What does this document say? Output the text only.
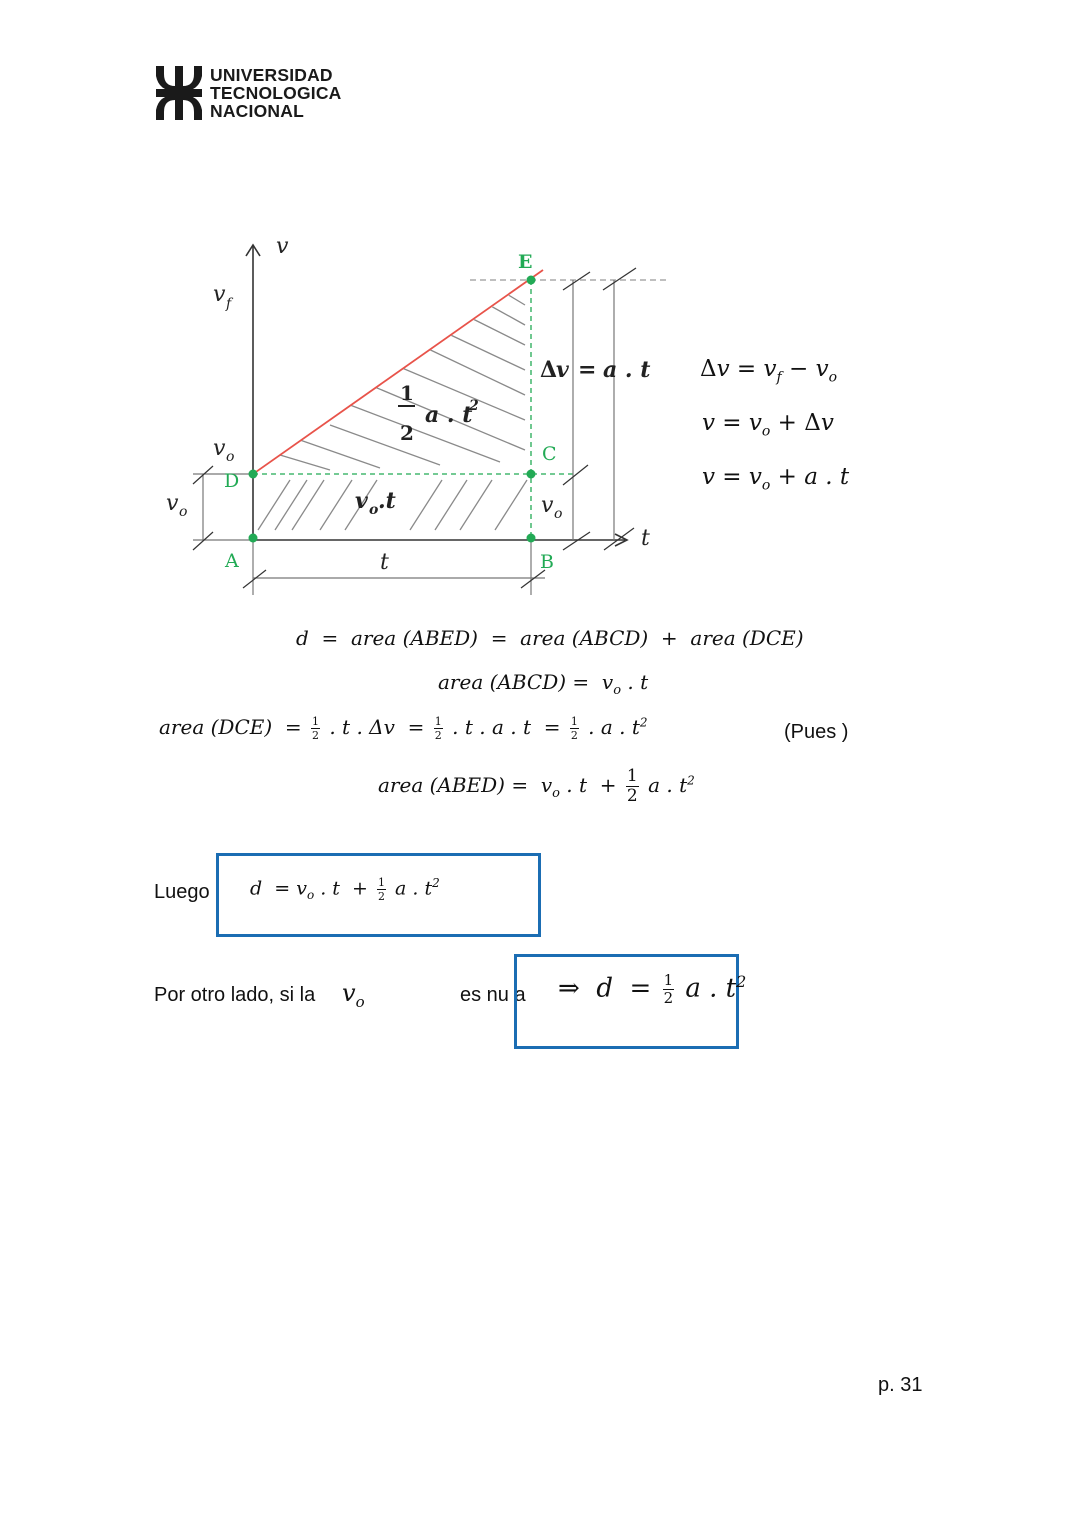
UNIVERSIDAD
TECNOLOGICA
NACIONAL
E
C
D
A	B
v
t
t
v f
v o
v o	v o
v o .t
1
2
a . t
2
Δ
v = a . t $\Delta v = v_f - v_o$
$v = v_o + \Delta v$
$v = v_o + a$ . t
d  =  area (ABED)  =  area (ABCD)  +  area (DCE)
area (ABCD) =  $v_o$ . t
area $(DCE) = \frac{1}{2}$ . t . $\Delta v = \frac{1}{2}$ . t . a . $t = \frac{1}{2}$ . a . $t^2$	(Pues )
area (ABED) =  $v_o$ . $t + \frac{1}{2}$ a . $t^2$
Luego $d = v_o$ . $t + \frac{1}{2}$ a . $t^2$
Por otro lado, si la $v_o$	es nu a ⇒  $d = \frac{1}{2}$ a . $t^2$
p. 31
